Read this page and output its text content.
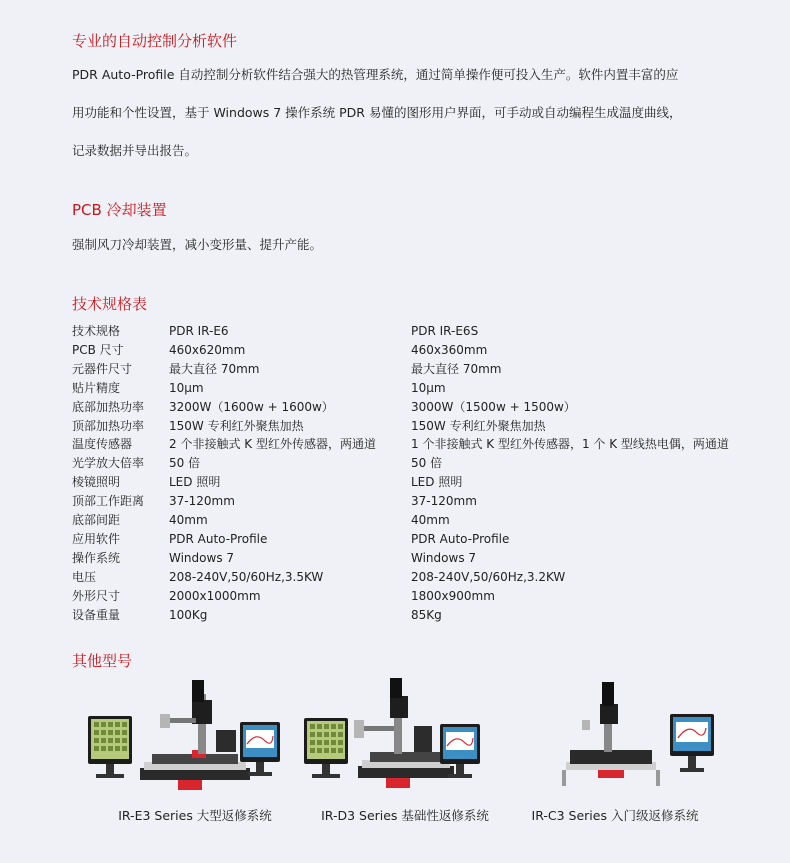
专业的自动控制分析软件

PDR Auto-Profile 自动控制分析软件结合强大的热管理系统，通过简单操作便可投入生产。软件内置丰富的应

用功能和个性设置，基于 Windows 7 操作系统 PDR 易懂的图形用户界面，可手动或自动编程生成温度曲线，

记录数据并导出报告。

PCB 冷却装置

强制风刀冷却装置，减小变形量、提升产能。

技术规格表
技术规格	PDR IR-E6	PDR IR-E6S
PCB 尺寸	460x620mm	460x360mm
元器件尺寸	最大直径 70mm	最大直径 70mm
贴片精度	10μm	10μm
底部加热功率	3200W（1600w + 1600w）	3000W（1500w + 1500w）
顶部加热功率	150W 专利红外聚焦加热	150W 专利红外聚焦加热
温度传感器	2 个非接触式 K 型红外传感器，两通道	1 个非接触式 K 型红外传感器，1 个 K 型线热电偶，两通道
光学放大倍率	50 倍	50 倍
棱镜照明	LED 照明	LED 照明
顶部工作距离	37-120mm	37-120mm
底部间距	40mm	40mm
应用软件	PDR Auto-Profile	PDR Auto-Profile
操作系统	Windows 7	Windows 7
电压	208-240V,50/60Hz,3.5KW	208-240V,50/60Hz,3.2KW
外形尺寸	2000x1000mm	1800x900mm
设备重量	100Kg	85Kg
其他型号
IR-E3 Series 大型返修系统	IR-D3 Series 基础性返修系统	IR-C3 Series 入门级返修系统
